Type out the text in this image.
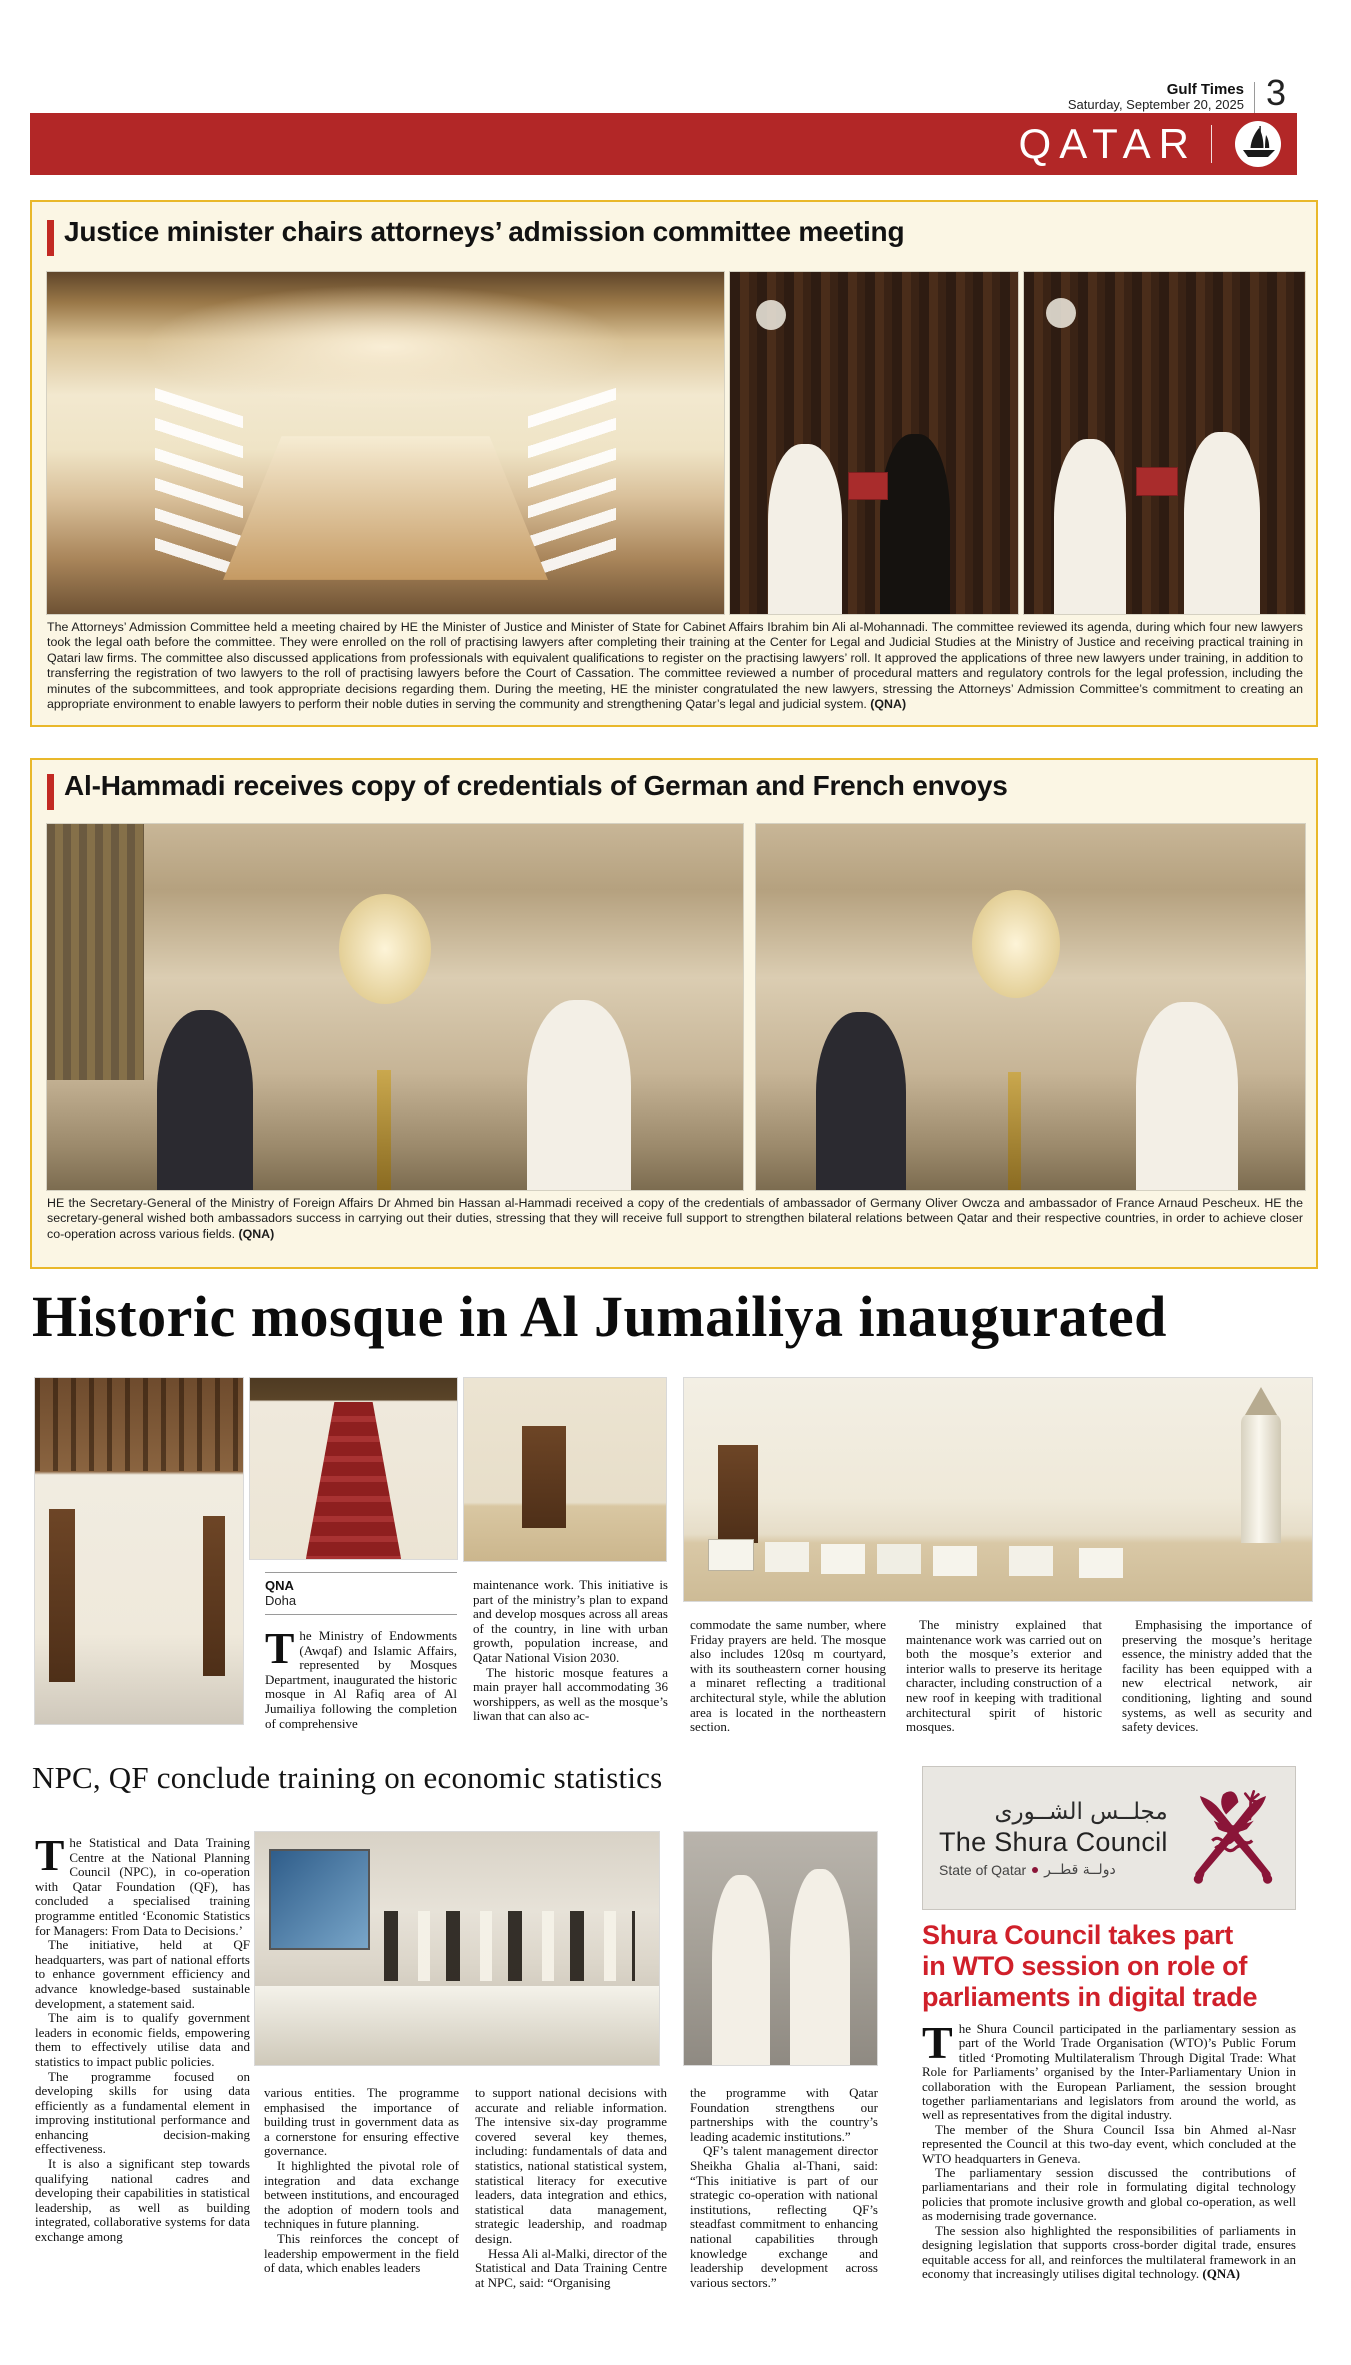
Gulf Times
Saturday, September 20, 2025 3
QATAR
Justice minister chairs attorneys’ admission committee meeting

The Attorneys’ Admission Committee held a meeting chaired by HE the Minister of Justice and Minister of State for Cabinet Affairs Ibrahim bin Ali al-Mohannadi. The committee reviewed its agenda, during which four new lawyers took the legal oath before the committee. They were enrolled on the roll of practising lawyers after completing their training at the Center for Legal and Judicial Studies at the Ministry of Justice and receiving practical training in Qatari law firms. The committee also discussed applications from professionals with equivalent qualifications to register on the practising lawyers’ roll. It approved the applications of three new lawyers under training, in addition to transferring the registration of two lawyers to the roll of practising lawyers before the Court of Cassation. The committee reviewed a number of procedural matters and regulatory controls for the legal profession, including the minutes of the subcommittees, and took appropriate decisions regarding them. During the meeting, HE the minister congratulated the new lawyers, stressing the Attorneys’ Admission Committee’s commitment to creating an appropriate environment to enable lawyers to perform their noble duties in serving the community and strengthening Qatar’s legal and judicial system. (QNA)

Al-Hammadi receives copy of credentials of German and French envoys

HE the Secretary-General of the Ministry of Foreign Affairs Dr Ahmed bin Hassan al-Hammadi received a copy of the credentials of ambassador of Germany Oliver Owcza and ambassador of France Arnaud Pescheux. HE the secretary-general wished both ambassadors success in carrying out their duties, stressing that they will receive full support to strengthen bilateral relations between Qatar and their respective countries, in order to achieve closer co-operation across various fields. (QNA)

Historic mosque in Al Jumailiya inaugurated
QNA
Doha

The Ministry of Endowments (Awqaf) and Islamic Affairs, represented by Mosques Department, inaugurated the historic mosque in Al Rafiq area of Al Jumailiya following the completion of comprehensive

maintenance work. This initiative is part of the ministry’s plan to expand and develop mosques across all areas of the country, in line with urban growth, population increase, and Qatar National Vision 2030.

The historic mosque features a main prayer hall accommodating 36 worshippers, as well as the mosque’s liwan that can also ac-

commodate the same number, where Friday prayers are held. The mosque also includes 120sq m courtyard, with its southeastern corner housing a minaret reflecting a traditional architectural style, while the ablution area is located in the northeastern section.

The ministry explained that maintenance work was carried out on both the mosque’s exterior and interior walls to preserve its heritage character, including construction of a new roof in keeping with traditional architectural spirit of historic mosques.

Emphasising the importance of preserving the mosque’s heritage essence, the ministry added that the facility has been equipped with a new electrical network, air conditioning, lighting and sound systems, as well as security and safety devices.

NPC, QF conclude training on economic statistics

The Statistical and Data Training Centre at the National Planning Council (NPC), in co-operation with Qatar Foundation (QF), has concluded a specialised training programme entitled ‘Economic Statistics for Managers: From Data to Decisions.’

The initiative, held at QF headquarters, was part of national efforts to enhance government efficiency and advance knowledge-based sustainable development, a statement said.

The aim is to qualify government leaders in economic fields, empowering them to effectively utilise data and statistics to impact public policies.

The programme focused on developing skills for using data efficiently as a fundamental element in improving institutional performance and enhancing decision-making effectiveness.

It is also a significant step towards qualifying national cadres and developing their capabilities in statistical leadership, as well as building integrated, collaborative systems for data exchange among

various entities. The programme emphasised the importance of building trust in government data as a cornerstone for ensuring effective governance.

It highlighted the pivotal role of integration and data exchange between institutions, and encouraged the adoption of modern tools and techniques in future planning.

This reinforces the concept of leadership empowerment in the field of data, which enables leaders

to support national decisions with accurate and reliable information. The intensive six-day programme covered several key themes, including: fundamentals of data and statistics, national statistical system, statistical literacy for executive leaders, data integration and ethics, statistical data management, strategic leadership, and roadmap design.

Hessa Ali al-Malki, director of the Statistical and Data Training Centre at NPC, said: “Organising

the programme with Qatar Foundation strengthens our partnerships with the country’s leading academic institutions.”

QF’s talent management director Sheikha Ghalia al-Thani, said: “This initiative is part of our strategic co-operation with national institutions, reflecting QF’s steadfast commitment to enhancing national capabilities through knowledge exchange and leadership development across various sectors.”

مجلــس الشــورى
The Shura Council
State of Qatar دولــة قطــر
Shura Council takes part
in WTO session on role of
parliaments in digital trade

The Shura Council participated in the parliamentary session as part of the World Trade Organisation (WTO)’s Public Forum titled ‘Promoting Multilateralism Through Digital Trade: What Role for Parliaments’ organised by the Inter-Parliamentary Union in collaboration with the European Parliament, the session brought together parliamentarians and legislators from around the world, as well as representatives from the digital industry.

The member of the Shura Council Issa bin Ahmed al-Nasr represented the Council at this two-day event, which concluded at the WTO headquarters in Geneva.

The parliamentary session discussed the contributions of parliamentarians and their role in formulating digital technology policies that promote inclusive growth and global co-operation, as well as modernising trade governance.

The session also highlighted the responsibilities of parliaments in designing legislation that supports cross-border digital trade, ensures equitable access for all, and reinforces the multilateral framework in an economy that increasingly utilises digital technology. (QNA)
